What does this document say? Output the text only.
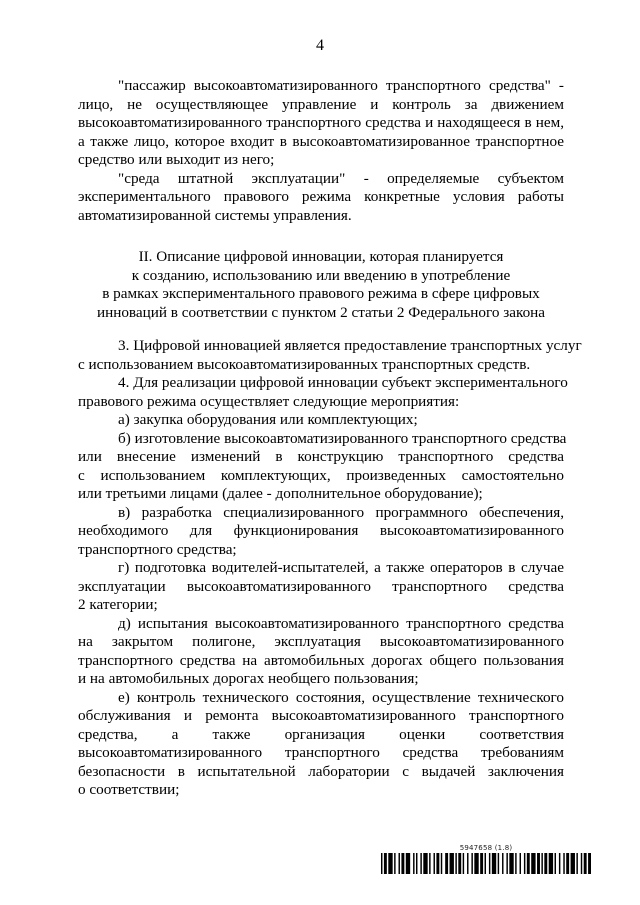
4
"пассажир высокоавтоматизированного транспортного средства" -
лицо, не осуществляющее управление и контроль за движением
высокоавтоматизированного транспортного средства и находящееся в нем,
а также лицо, которое входит в высокоавтоматизированное транспортное
средство или выходит из него;
"среда штатной эксплуатации" - определяемые субъектом
экспериментального правового режима конкретные условия работы
автоматизированной системы управления.
II. Описание цифровой инновации, которая планируется
к созданию, использованию или введению в употребление
в рамках экспериментального правового режима в сфере цифровых
инноваций в соответствии с пунктом 2 статьи 2 Федерального закона
3. Цифровой инновацией является предоставление транспортных услуг
с использованием высокоавтоматизированных транспортных средств.
4. Для реализации цифровой инновации субъект экспериментального
правового режима осуществляет следующие мероприятия:
а) закупка оборудования или комплектующих;
б) изготовление высокоавтоматизированного транспортного средства
или внесение изменений в конструкцию транспортного средства
с использованием комплектующих, произведенных самостоятельно
или третьими лицами (далее - дополнительное оборудование);
в) разработка специализированного программного обеспечения,
необходимого для функционирования высокоавтоматизированного
транспортного средства;
г) подготовка водителей-испытателей, а также операторов в случае
эксплуатации высокоавтоматизированного транспортного средства
2 категории;
д) испытания высокоавтоматизированного транспортного средства
на закрытом полигоне, эксплуатация высокоавтоматизированного
транспортного средства на автомобильных дорогах общего пользования
и на автомобильных дорогах необщего пользования;
е) контроль технического состояния, осуществление технического
обслуживания и ремонта высокоавтоматизированного транспортного
средства, а также организация оценки соответствия
высокоавтоматизированного транспортного средства требованиям
безопасности в испытательной лаборатории с выдачей заключения
о соответствии;
5947658 (1.8)
